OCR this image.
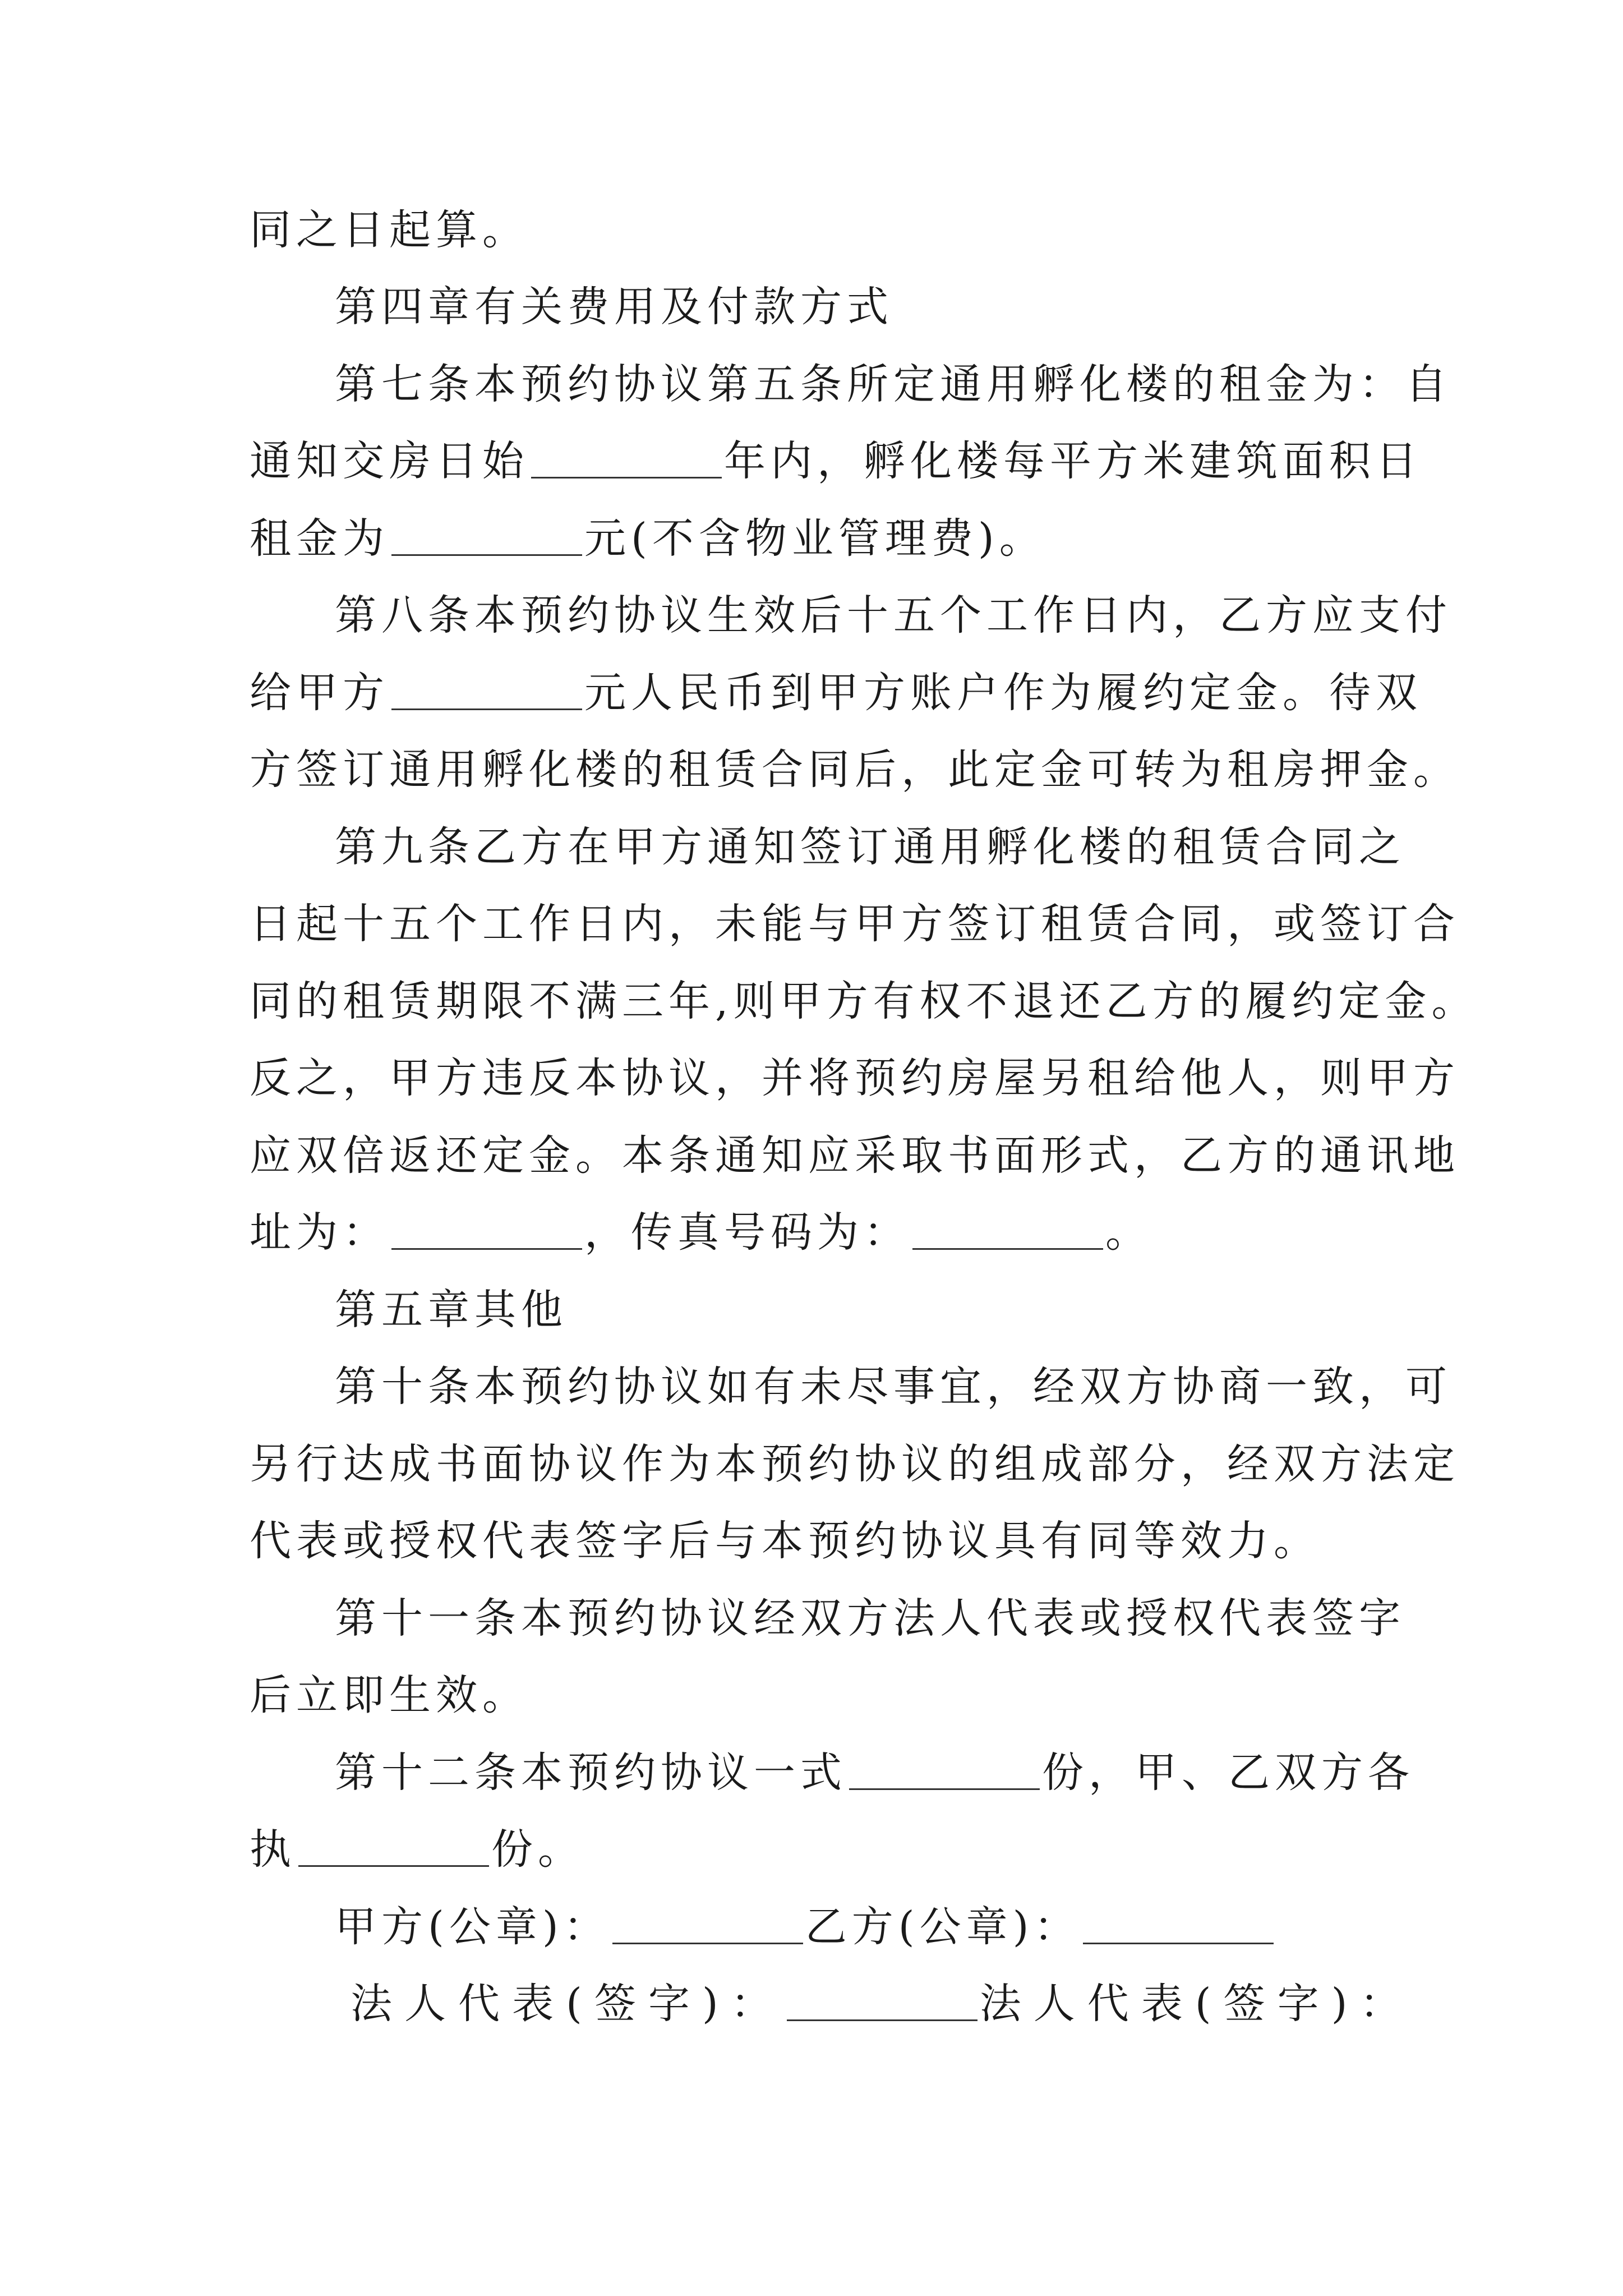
同之日起算。
第四章有关费用及付款方式
第七条本预约协议第五条所定通用孵化楼的租金为：自
通知交房日始	年内，孵化楼每平方米建筑面积日
租金为	元(不含物业管理费)。
第八条本预约协议生效后十五个工作日内，乙方应支付
给甲方	元人民币到甲方账户作为履约定金。待双
方签订通用孵化楼的租赁合同后，此定金可转为租房押金。
第九条乙方在甲方通知签订通用孵化楼的租赁合同之
日起十五个工作日内，未能与甲方签订租赁合同，或签订合
同的租赁期限不满三年,则甲方有权不退还乙方的履约定金。
反之，甲方违反本协议，并将预约房屋另租给他人，则甲方
应双倍返还定金。本条通知应采取书面形式，乙方的通讯地
址为：	，传真号码为：	。
第五章其他
第十条本预约协议如有未尽事宜，经双方协商一致，可
另行达成书面协议作为本预约协议的组成部分，经双方法定
代表或授权代表签字后与本预约协议具有同等效力。
第十一条本预约协议经双方法人代表或授权代表签字
后立即生效。
第十二条本预约协议一式	份，甲、乙双方各
执	份。
甲方(公章)：	乙方(公章)：
法人代表(签字)：	法人代表(签字)：
